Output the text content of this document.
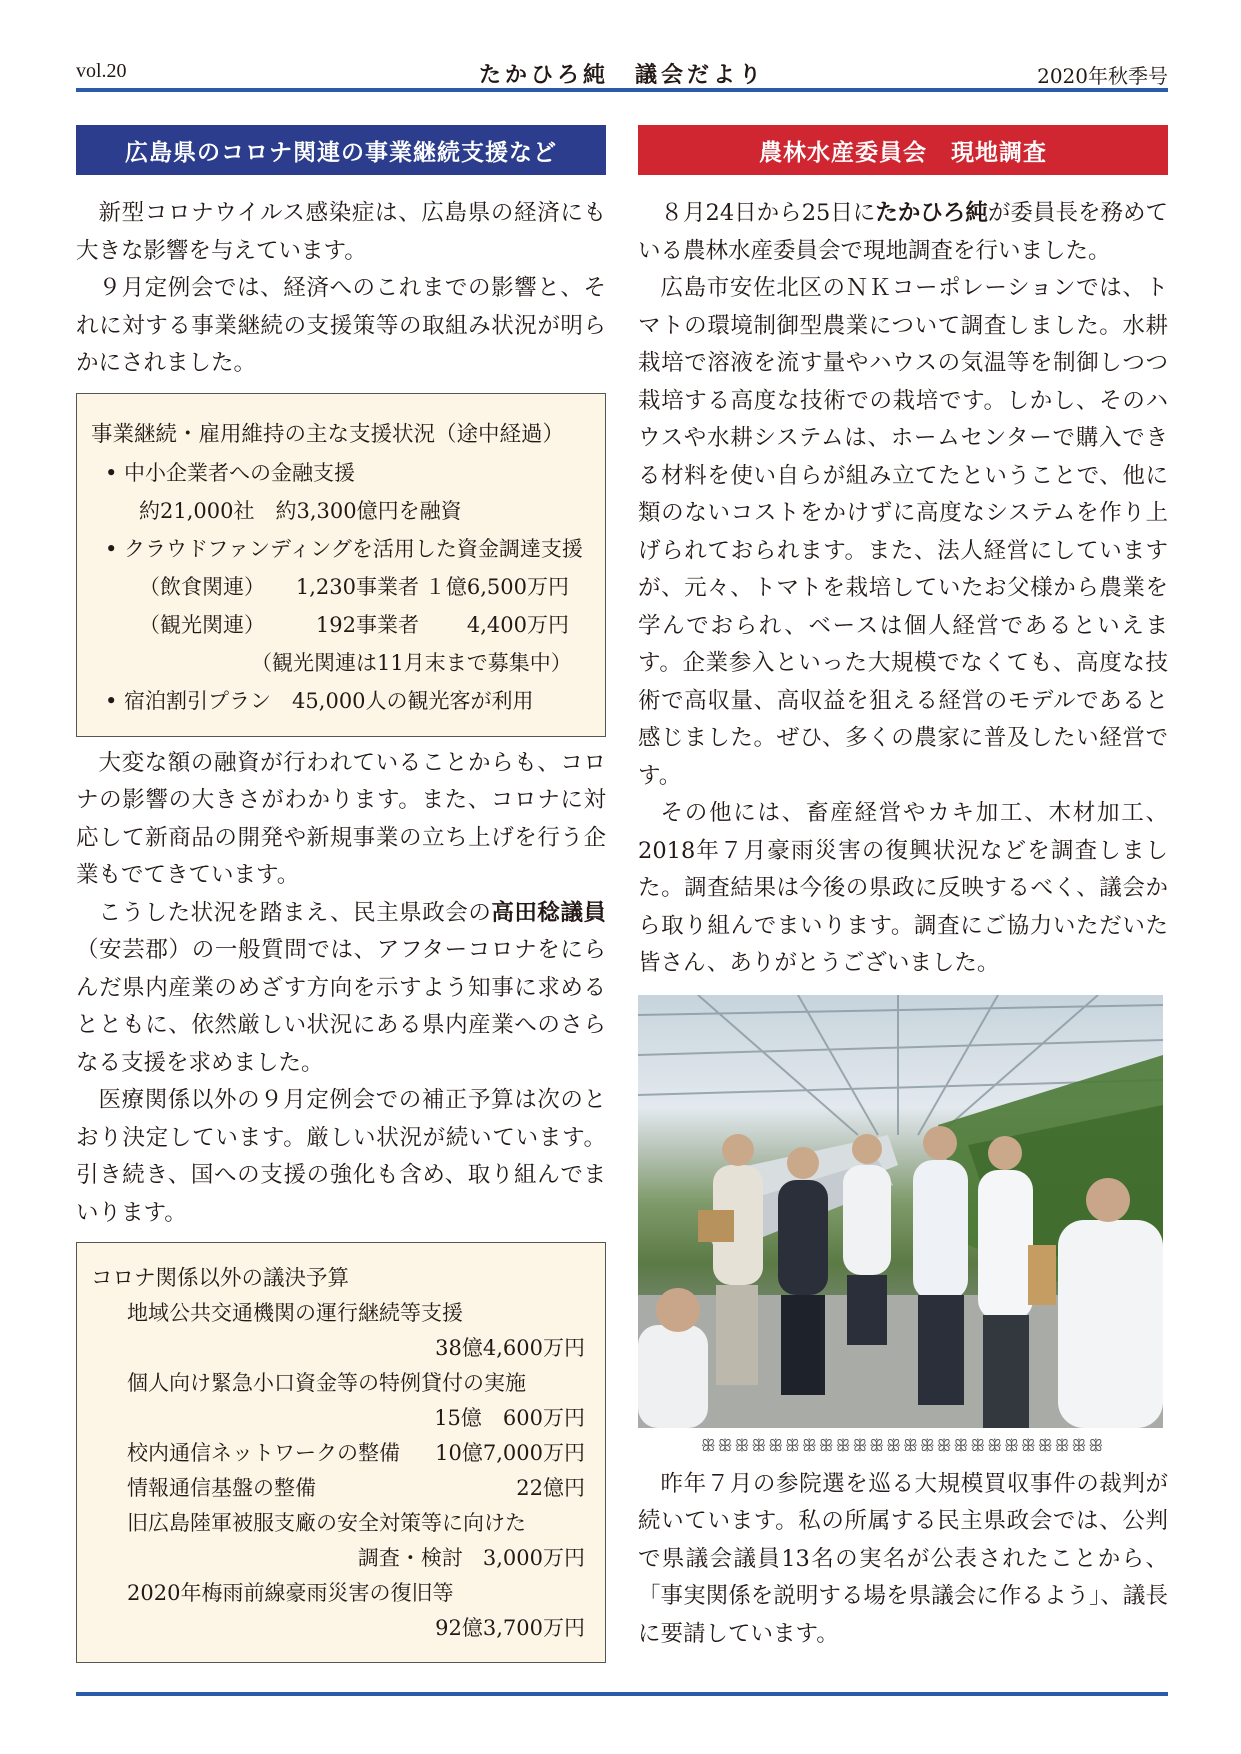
vol.20	たかひろ純　議会だより	2020年秋季号
広島県のコロナ関連の事業継続支援など

新型コロナウイルス感染症は、広島県の経済にも大きな影響を与えています。

９月定例会では、経済へのこれまでの影響と、それに対する事業継続の支援策等の取組み状況が明らかにされました。

事業継続・雇用維持の主な支援状況（途中経過）
• 中小企業者への金融支援
約21,000社　約3,300億円を融資
• クラウドファンディングを活用した資金調達支援
（飲食関連）	1,230事業者 １億6,500万円
（観光関連）	192事業者	4,400万円
（観光関連は11月末まで募集中）
• 宿泊割引プラン　45,000人の観光客が利用

大変な額の融資が行われていることからも、コロナの影響の大きさがわかります。また、コロナに対応して新商品の開発や新規事業の立ち上げを行う企業もでてきています。

こうした状況を踏まえ、民主県政会の高田稔議員（安芸郡）の一般質問では、アフターコロナをにらんだ県内産業のめざす方向を示すよう知事に求めるとともに、依然厳しい状況にある県内産業へのさらなる支援を求めました。

医療関係以外の９月定例会での補正予算は次のとおり決定しています。厳しい状況が続いています。引き続き、国への支援の強化も含め、取り組んでまいります。

コロナ関係以外の議決予算
地域公共交通機関の運行継続等支援
38億4,600万円
個人向け緊急小口資金等の特例貸付の実施
15億　600万円
校内通信ネットワークの整備	10億7,000万円
情報通信基盤の整備	22億円
旧広島陸軍被服支廠の安全対策等に向けた
調査・検討 3,000万円
2020年梅雨前線豪雨災害の復旧等
92億3,700万円
農林水産委員会　現地調査

８月24日から25日にたかひろ純が委員長を務めている農林水産委員会で現地調査を行いました。

広島市安佐北区のＮＫコーポレーションでは、トマトの環境制御型農業について調査しました。水耕栽培で溶液を流す量やハウスの気温等を制御しつつ栽培する高度な技術での栽培です。しかし、そのハウスや水耕システムは、ホームセンターで購入できる材料を使い自らが組み立てたということで、他に類のないコストをかけずに高度なシステムを作り上げられておられます。また、法人経営にしていますが、元々、トマトを栽培していたお父様から農業を学んでおられ、ベースは個人経営であるといえます。企業参入といった大規模でなくても、高度な技術で高収量、高収益を狙える経営のモデルであると感じました。ぜひ、多くの農家に普及したい経営です。

その他には、畜産経営やカキ加工、木材加工、2018年７月豪雨災害の復興状況などを調査しました。調査結果は今後の県政に反映するべく、議会から取り組んでまいります。調査にご協力いただいた皆さん、ありがとうございました。

ꕥꕥꕥꕥꕥꕥꕥꕥꕥꕥꕥꕥꕥꕥꕥꕥꕥꕥꕥꕥꕥꕥꕥꕥ

昨年７月の参院選を巡る大規模買収事件の裁判が続いています。私の所属する民主県政会では、公判で県議会議員13名の実名が公表されたことから、「事実関係を説明する場を県議会に作るよう」、議長に要請しています。
